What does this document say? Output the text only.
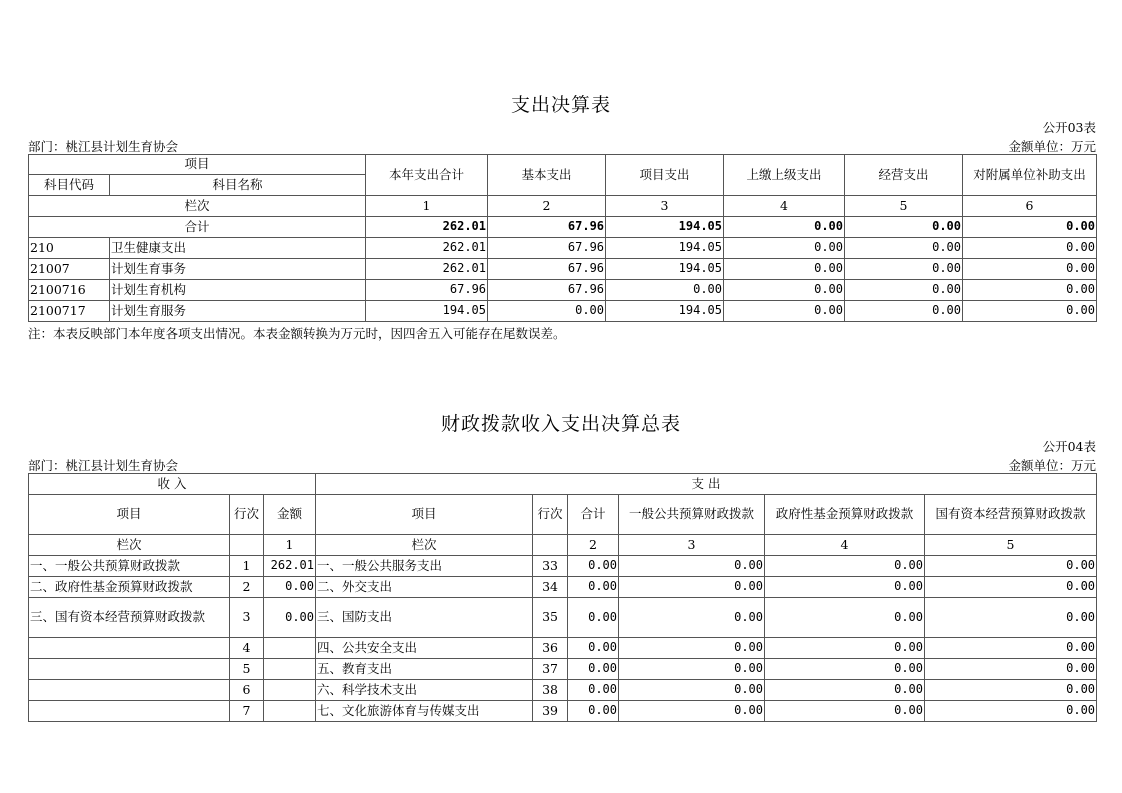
支出决算表
公开03表
部门：桃江县计划生育协会	金额单位：万元
项目		本年支出合计	基本支出	项目支出	上缴上级支出	经营支出	对附属单位补助支出
科目代码	科目名称						
栏次		1	2	3	4	5	6
合计		262.01	67.96	194.05	0.00	0.00	0.00
210	卫生健康支出	262.01	67.96	194.05	0.00	0.00	0.00
21007	计划生育事务	262.01	67.96	194.05	0.00	0.00	0.00
2100716	计划生育机构	67.96	67.96	0.00	0.00	0.00	0.00
2100717	计划生育服务	194.05	0.00	194.05	0.00	0.00	0.00
注：本表反映部门本年度各项支出情况。本表金额转换为万元时，因四舍五入可能存在尾数误差。
财政拨款收入支出决算总表
公开04表
部门：桃江县计划生育协会	金额单位：万元
收 入			支 出					
项目	行次	金额	项目	行次	合计	一般公共预算财政拨款	政府性基金预算财政拨款	国有资本经营预算财政拨款
栏次		1	栏次		2	3	4	5
一、一般公共预算财政拨款	1	262.01	一、一般公共服务支出	33	0.00	0.00	0.00	0.00
二、政府性基金预算财政拨款	2	0.00	二、外交支出	34	0.00	0.00	0.00	0.00
三、国有资本经营预算财政拨款	3	0.00	三、国防支出	35	0.00	0.00	0.00	0.00
	4		四、公共安全支出	36	0.00	0.00	0.00	0.00
	5		五、教育支出	37	0.00	0.00	0.00	0.00
	6		六、科学技术支出	38	0.00	0.00	0.00	0.00
	7		七、文化旅游体育与传媒支出	39	0.00	0.00	0.00	0.00
